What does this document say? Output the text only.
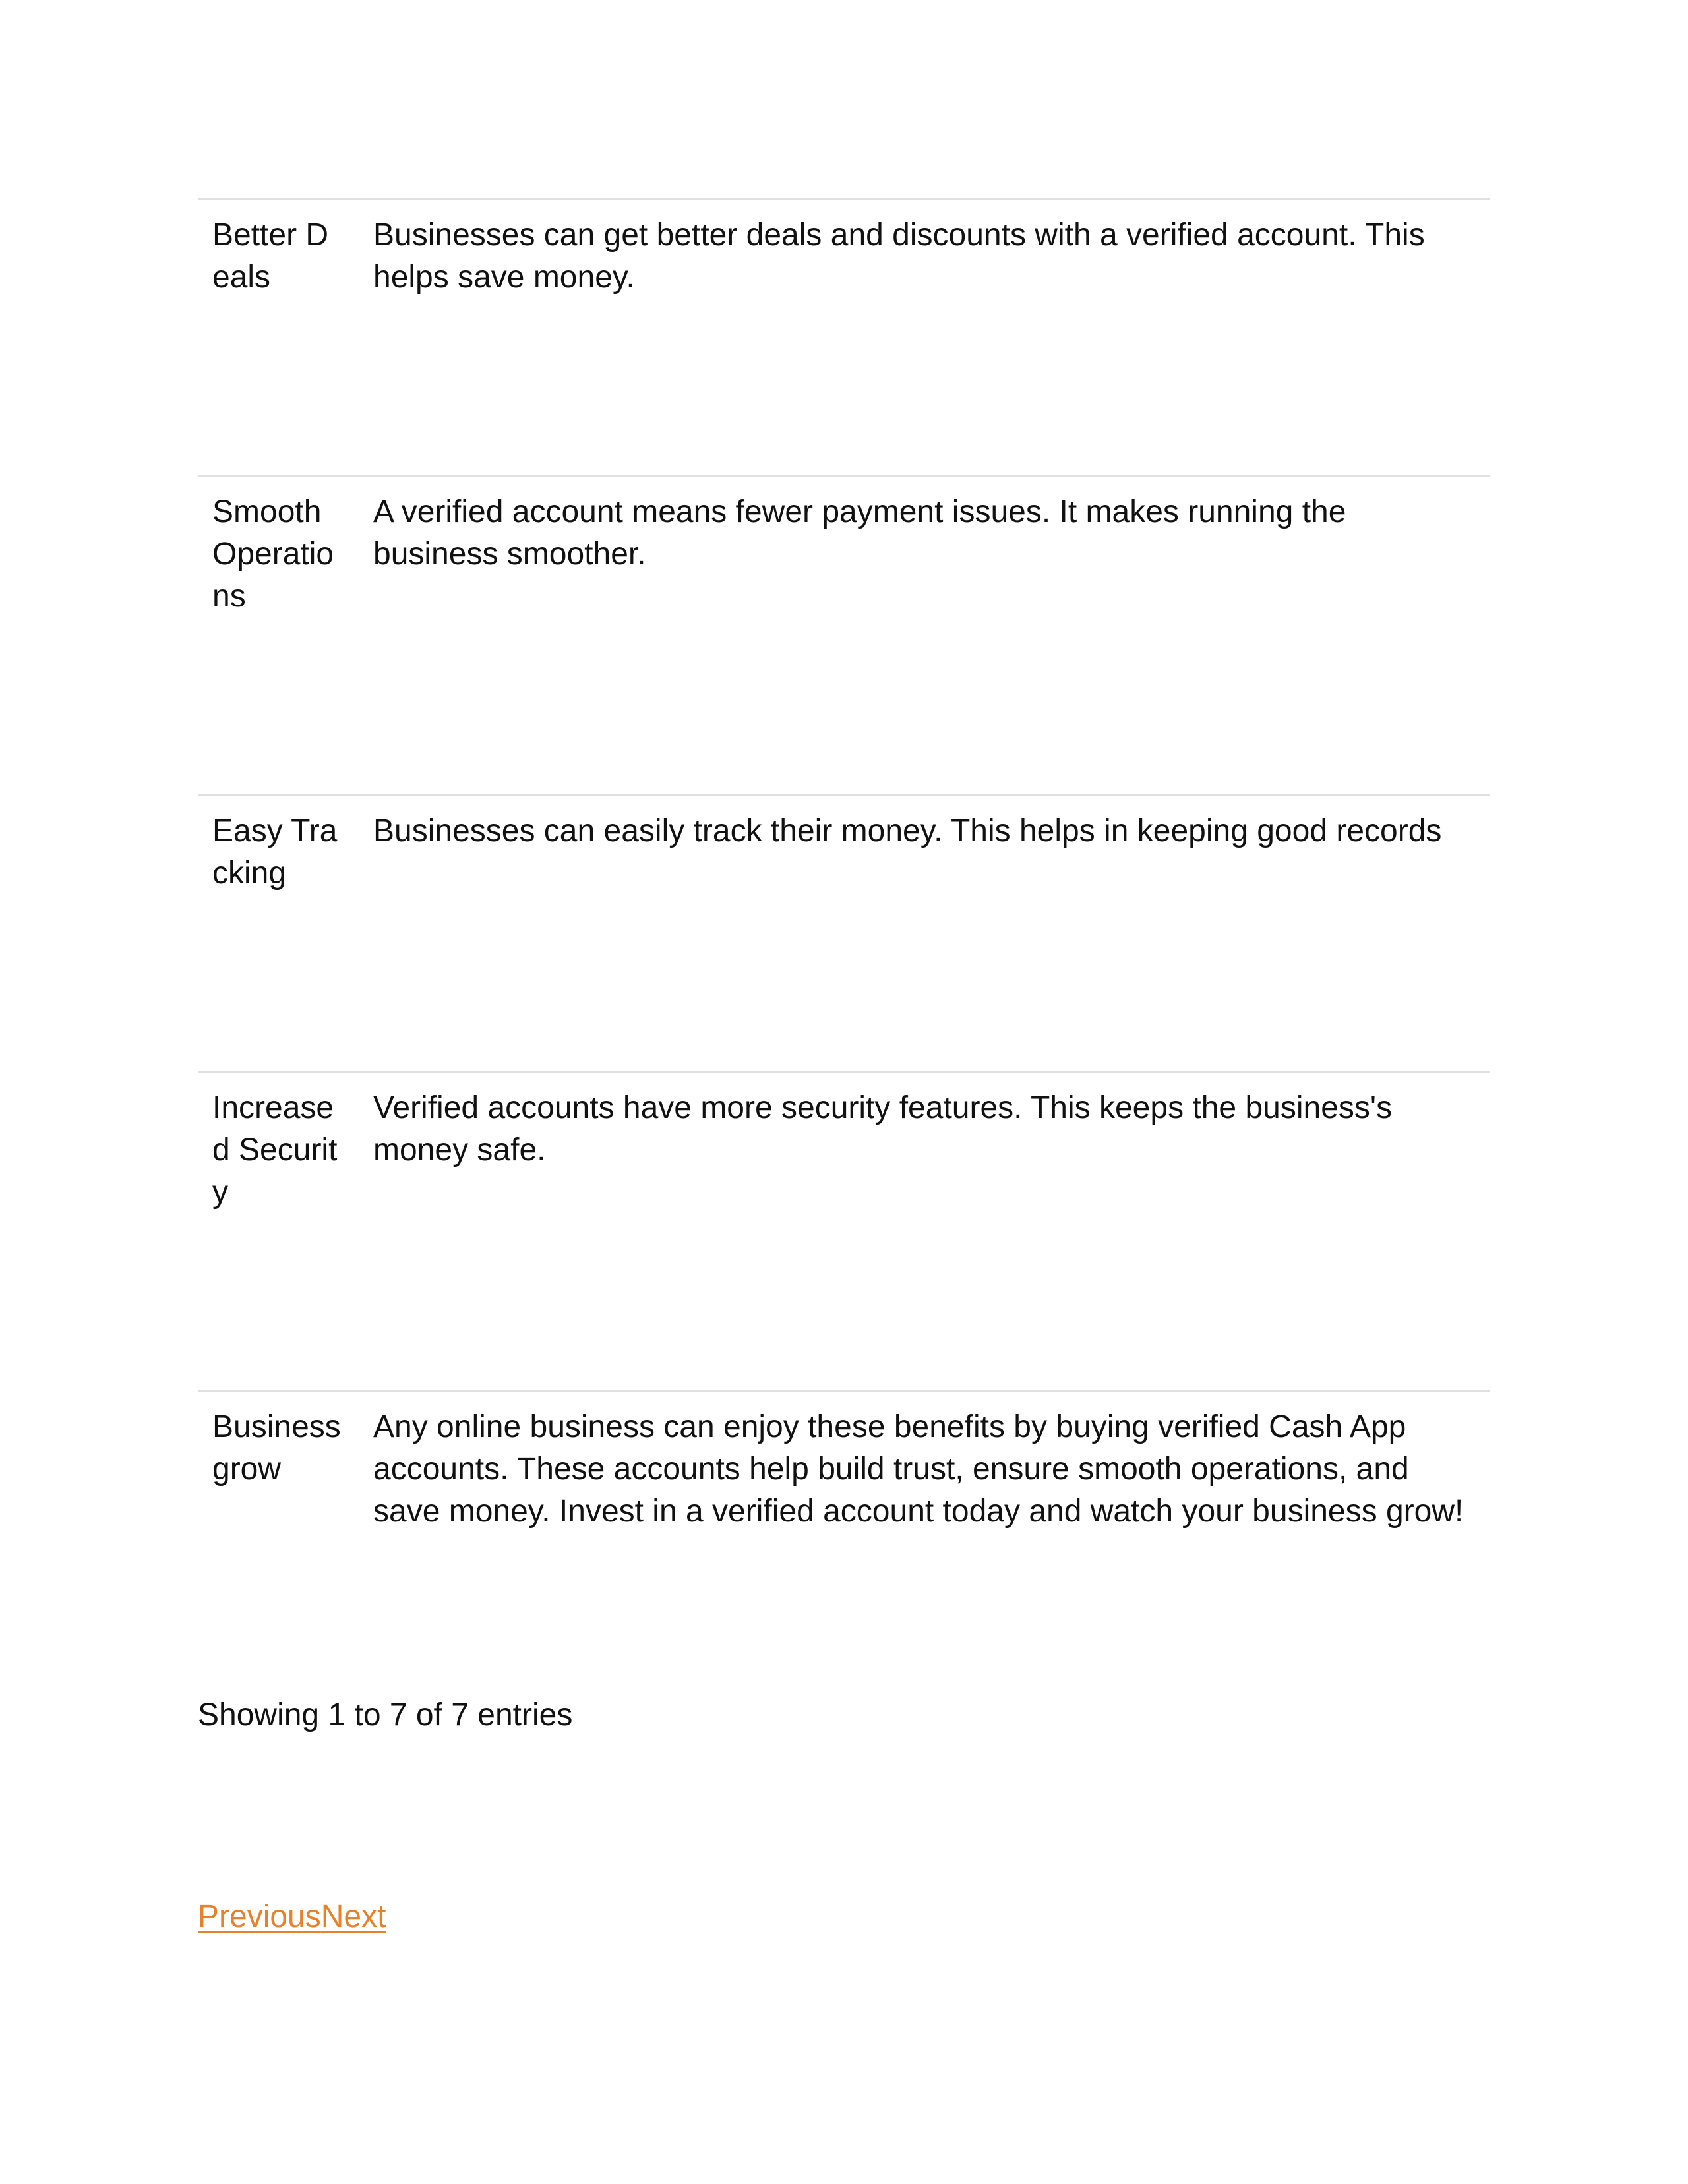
Better Deals	Businesses can get better deals and discounts with a verified account. This helps save money.
Smooth Operations	A verified account means fewer payment issues. It makes running the business smoother.
Easy Tracking	Businesses can easily track their money. This helps in keeping good records
Increased Security	Verified accounts have more security features. This keeps the business's money safe.
Business grow	Any online business can enjoy these benefits by buying verified Cash App accounts. These accounts help build trust, ensure smooth operations, and save money. Invest in a verified account today and watch your business grow!
Showing 1 to 7 of 7 entries
PreviousNext
